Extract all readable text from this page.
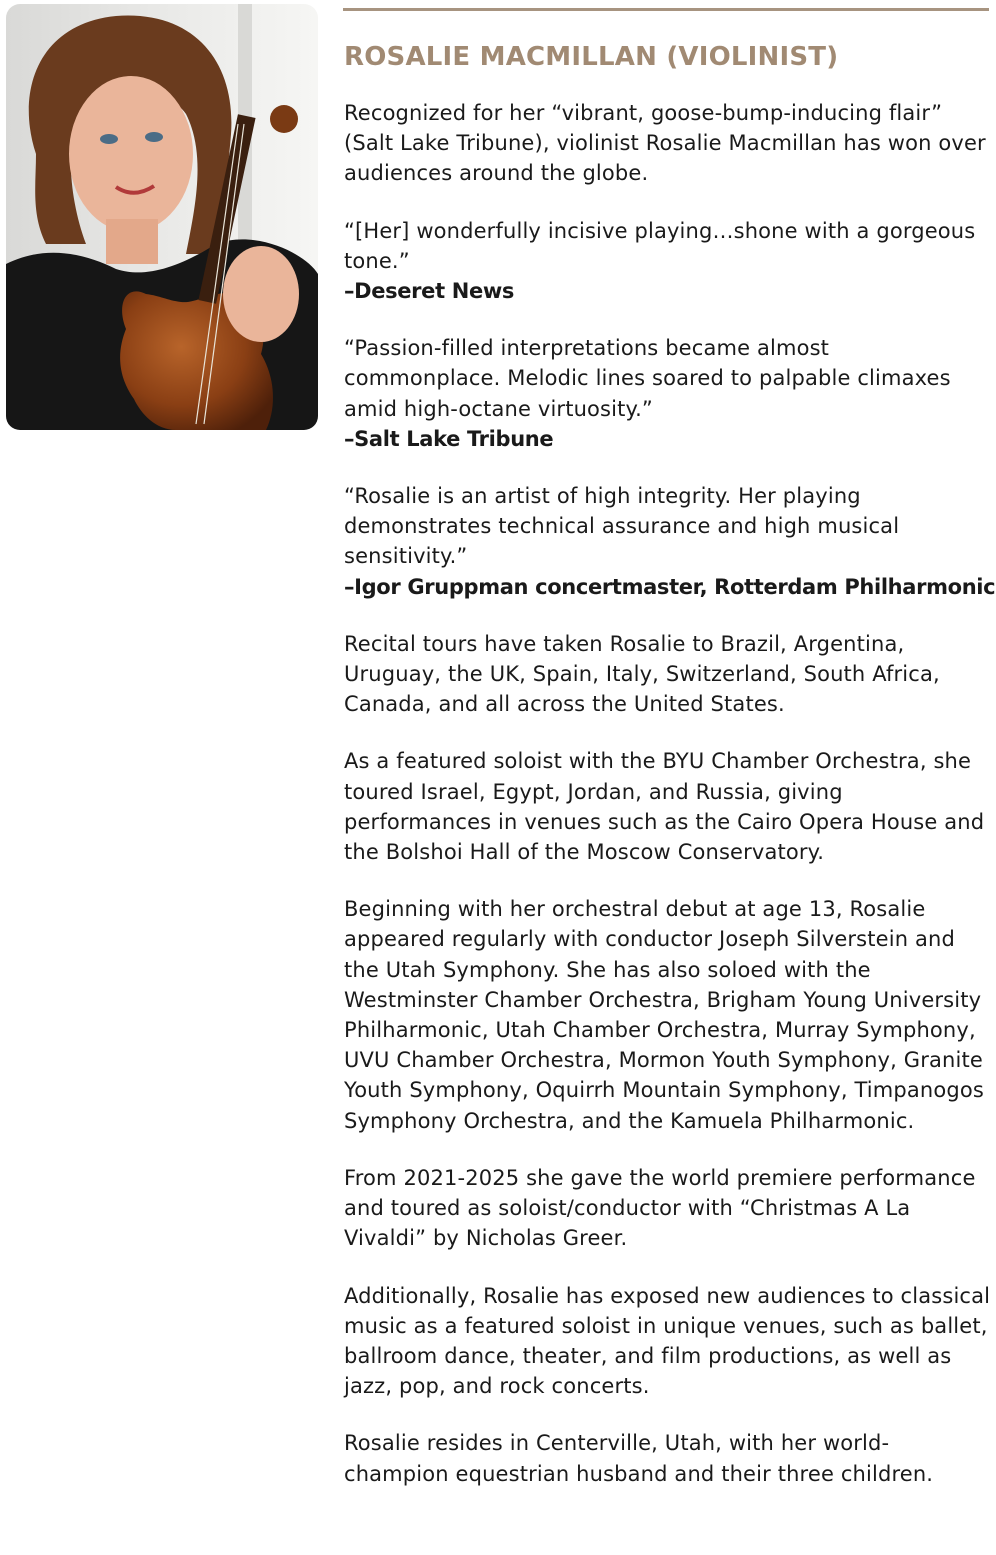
ROSALIE MACMILLAN (VIOLINIST)

Recognized for her “vibrant, goose-bump-inducing flair” (Salt Lake Tribune), violinist Rosalie Macmillan has won over audiences around the globe.

“[Her] wonderfully incisive playing…shone with a gorgeous tone.”
–Deseret News

“Passion-filled interpretations became almost commonplace. Melodic lines soared to palpable climaxes amid high-octane virtuosity.”
–Salt Lake Tribune

“Rosalie is an artist of high integrity. Her playing demonstrates technical assurance and high musical sensitivity.”
–Igor Gruppman concertmaster, Rotterdam Philharmonic

Recital tours have taken Rosalie to Brazil, Argentina, Uruguay, the UK, Spain, Italy, Switzerland, South Africa, Canada, and all across the United States.

As a featured soloist with the BYU Chamber Orchestra, she toured Israel, Egypt, Jordan, and Russia, giving performances in venues such as the Cairo Opera House and the Bolshoi Hall of the Moscow Conservatory.

Beginning with her orchestral debut at age 13, Rosalie appeared regularly with conductor Joseph Silverstein and the Utah Symphony. She has also soloed with the Westminster Chamber Orchestra, Brigham Young University Philharmonic, Utah Chamber Orchestra, Murray Symphony, UVU Chamber Orchestra, Mormon Youth Symphony, Granite Youth Symphony, Oquirrh Mountain Symphony, Timpanogos Symphony Orchestra, and the Kamuela Philharmonic.

From 2021-2025 she gave the world premiere performance and toured as soloist/conductor with “Christmas A La Vivaldi” by Nicholas Greer.

Additionally, Rosalie has exposed new audiences to classical music as a featured soloist in unique venues, such as ballet, ballroom dance, theater, and film productions, as well as jazz, pop, and rock concerts.

Rosalie resides in Centerville, Utah, with her world-champion equestrian husband and their three children.
